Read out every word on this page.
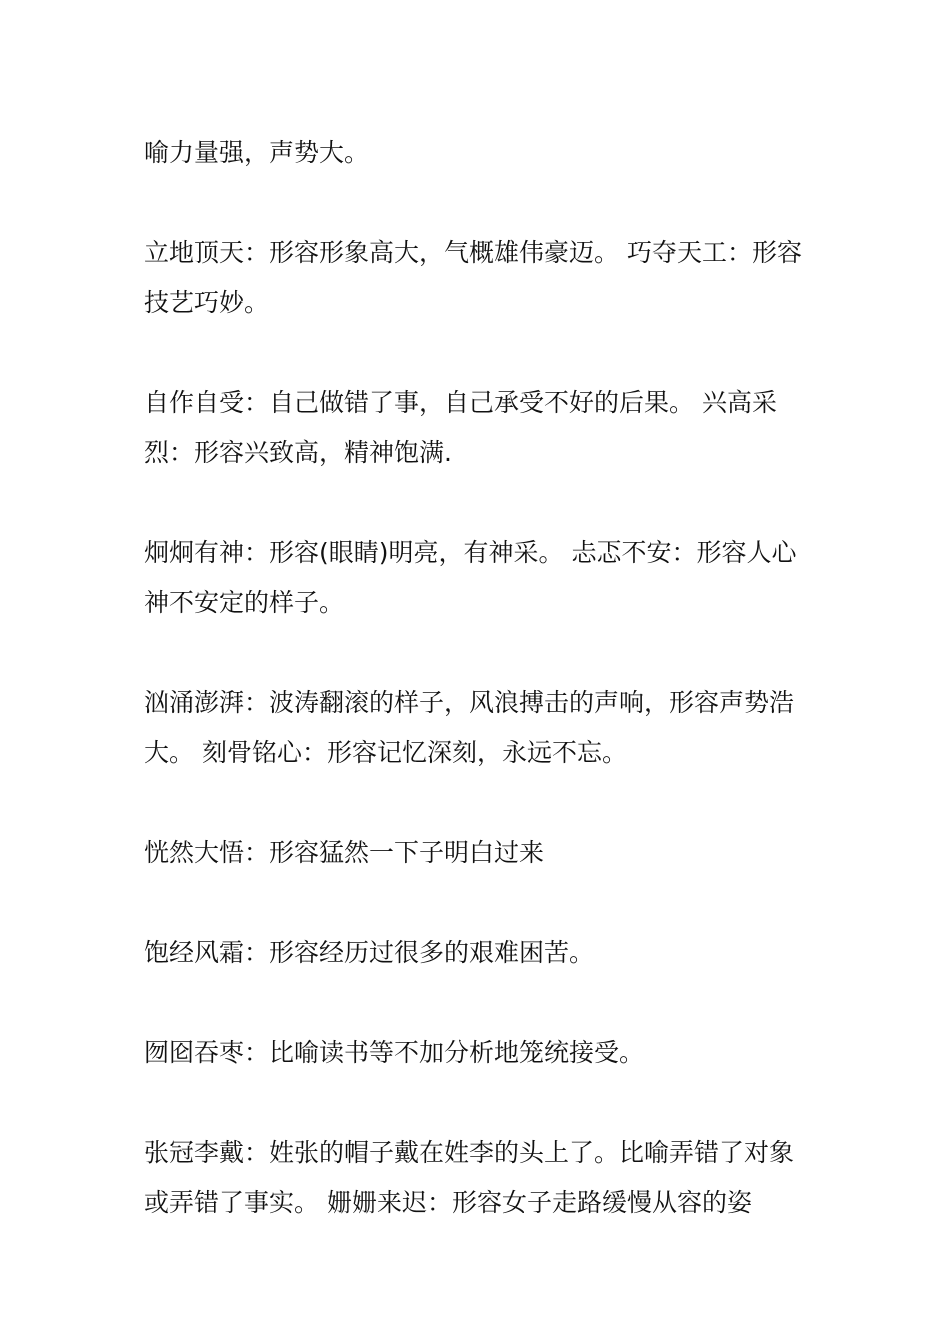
喻力量强，声势大。

立地顶天：形容形象高大，气概雄伟豪迈。 巧夺天工：形容技艺巧妙。

自作自受：自己做错了事，自己承受不好的后果。 兴高采烈：形容兴致高，精神饱满.

炯炯有神：形容(眼睛)明亮，有神采。 忐忑不安：形容人心神不安定的样子。

汹涌澎湃：波涛翻滚的样子，风浪搏击的声响，形容声势浩大。 刻骨铭心：形容记忆深刻，永远不忘。

恍然大悟：形容猛然一下子明白过来

饱经风霜：形容经历过很多的艰难困苦。

囫囵吞枣：比喻读书等不加分析地笼统接受。

张冠李戴：姓张的帽子戴在姓李的头上了。比喻弄错了对象或弄错了事实。 姗姗来迟：形容女子走路缓慢从容的姿
